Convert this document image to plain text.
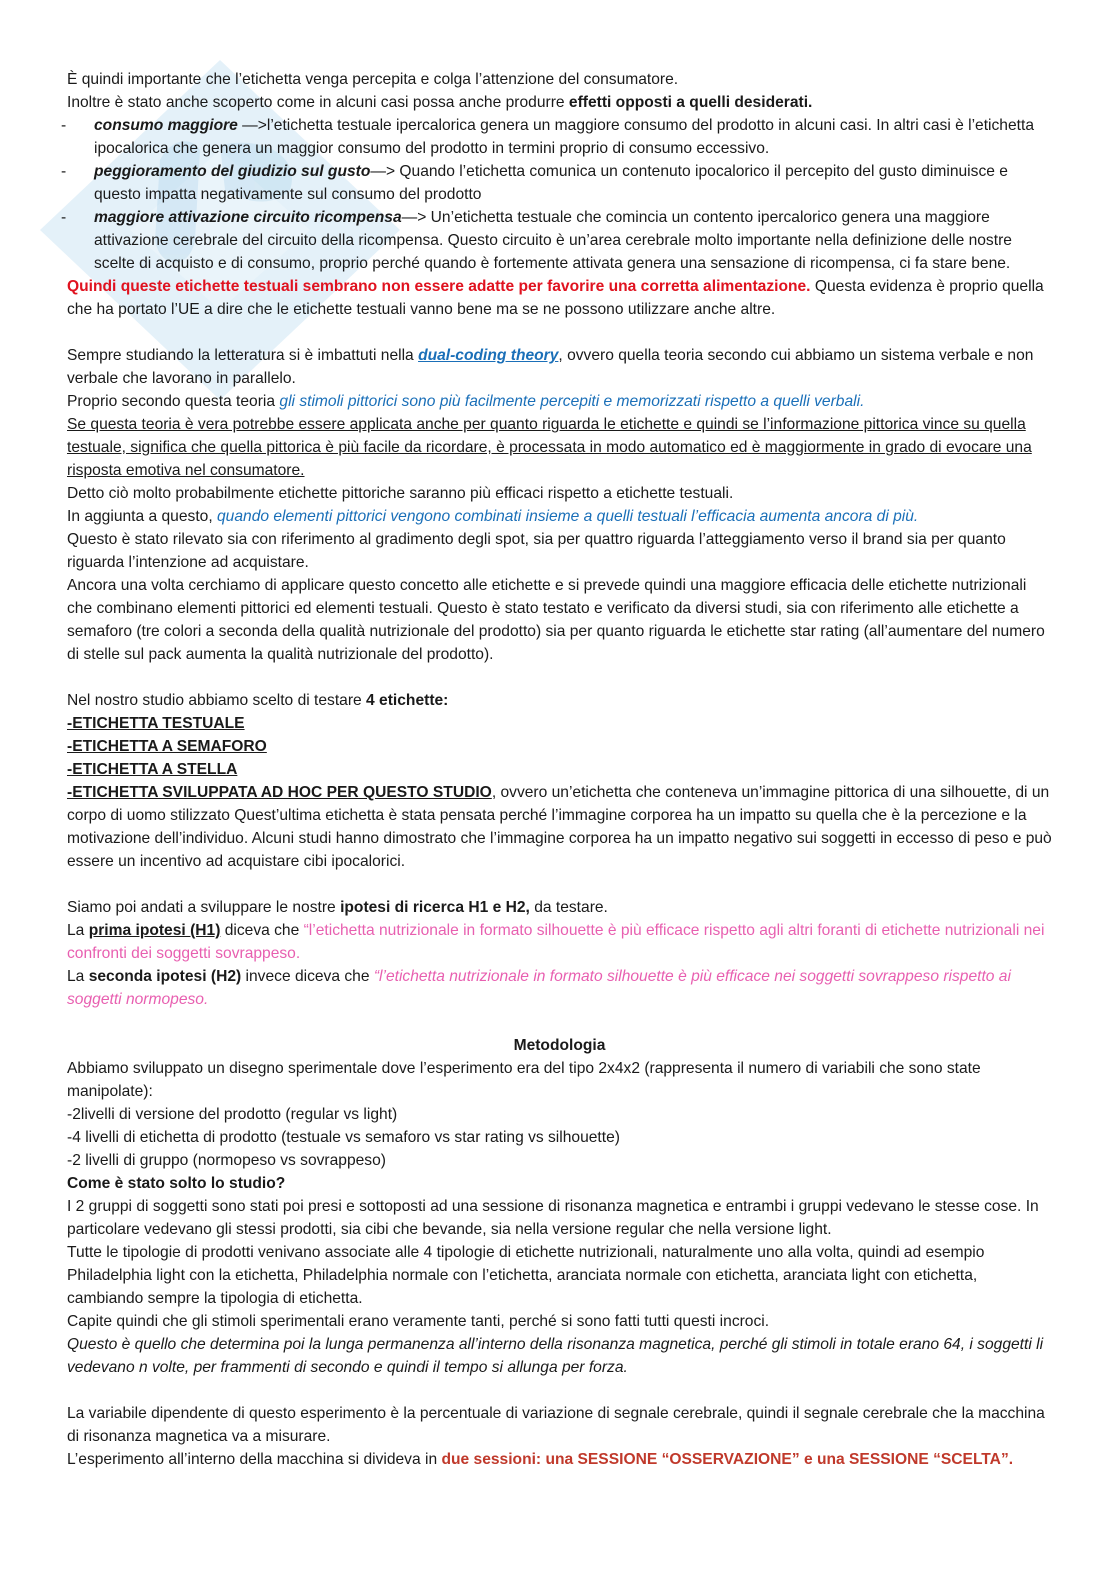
È quindi importante che l’etichetta venga percepita e colga l’attenzione del consumatore.

Inoltre è stato anche scoperto come in alcuni casi possa anche produrre effetti opposti a quelli desiderati.

- consumo maggiore —>l’etichetta testuale ipercalorica genera un maggiore consumo del prodotto in alcuni casi. In altri casi è l’etichetta ipocalorica che genera un maggior consumo del prodotto in termini proprio di consumo eccessivo.
- peggioramento del giudizio sul gusto—> Quando l’etichetta comunica un contenuto ipocalorico il percepito del gusto diminuisce e questo impatta negativamente sul consumo del prodotto
- maggiore attivazione circuito ricompensa—> Un’etichetta testuale che comincia un contento ipercalorico genera una maggiore attivazione cerebrale del circuito della ricompensa. Questo circuito è un’area cerebrale molto importante nella definizione delle nostre scelte di acquisto e di consumo, proprio perché quando è fortemente attivata genera una sensazione di ricompensa, ci fa stare bene.

Quindi queste etichette testuali sembrano non essere adatte per favorire una corretta alimentazione. Questa evidenza è proprio quella che ha portato l’UE a dire che le etichette testuali vanno bene ma se ne possono utilizzare anche altre.

Sempre studiando la letteratura si è imbattuti nella dual-coding theory, ovvero quella teoria secondo cui abbiamo un sistema verbale e non verbale che lavorano in parallelo.

Proprio secondo questa teoria gli stimoli pittorici sono più facilmente percepiti e memorizzati rispetto a quelli verbali.

Se questa teoria è vera potrebbe essere applicata anche per quanto riguarda le etichette e quindi se l’informazione pittorica vince su quella testuale, significa che quella pittorica è più facile da ricordare, è processata in modo automatico ed è maggiormente in grado di evocare una risposta emotiva nel consumatore.

Detto ciò molto probabilmente etichette pittoriche saranno più efficaci rispetto a etichette testuali.

In aggiunta a questo, quando elementi pittorici vengono combinati insieme a quelli testuali l’efficacia aumenta ancora di più.

Questo è stato rilevato sia con riferimento al gradimento degli spot, sia per quattro riguarda l’atteggiamento verso il brand sia per quanto riguarda l’intenzione ad acquistare.

Ancora una volta cerchiamo di applicare questo concetto alle etichette e si prevede quindi una maggiore efficacia delle etichette nutrizionali che combinano elementi pittorici ed elementi testuali. Questo è stato testato e verificato da diversi studi, sia con riferimento alle etichette a semaforo (tre colori a seconda della qualità nutrizionale del prodotto) sia per quanto riguarda le etichette star rating (all’aumentare del numero di stelle sul pack aumenta la qualità nutrizionale del prodotto).

Nel nostro studio abbiamo scelto di testare 4 etichette:

-ETICHETTA TESTUALE

-ETICHETTA A SEMAFORO

-ETICHETTA A STELLA

-ETICHETTA SVILUPPATA AD HOC PER QUESTO STUDIO, ovvero un’etichetta che conteneva un’immagine pittorica di una silhouette, di un corpo di uomo stilizzato Quest’ultima etichetta è stata pensata perché l’immagine corporea ha un impatto su quella che è la percezione e la motivazione dell’individuo. Alcuni studi hanno dimostrato che l’immagine corporea ha un impatto negativo sui soggetti in eccesso di peso e può essere un incentivo ad acquistare cibi ipocalorici.

Siamo poi andati a sviluppare le nostre ipotesi di ricerca H1 e H2, da testare.

La prima ipotesi (H1) diceva che “l’etichetta nutrizionale in formato silhouette è più efficace rispetto agli altri foranti di etichette nutrizionali nei confronti dei soggetti sovrappeso.

La seconda ipotesi (H2) invece diceva che “l’etichetta nutrizionale in formato silhouette è più efficace nei soggetti sovrappeso rispetto ai soggetti normopeso.

Metodologia

Abbiamo sviluppato un disegno sperimentale dove l’esperimento era del tipo 2x4x2 (rappresenta il numero di variabili che sono state manipolate):

-2livelli di versione del prodotto (regular vs light)

-4 livelli di etichetta di prodotto (testuale vs semaforo vs star rating vs silhouette)

-2 livelli di gruppo (normopeso vs sovrappeso)

Come è stato solto lo studio?

I 2 gruppi di soggetti sono stati poi presi e sottoposti ad una sessione di risonanza magnetica e entrambi i gruppi vedevano le stesse cose. In particolare vedevano gli stessi prodotti, sia cibi che bevande, sia nella versione regular che nella versione light.

Tutte le tipologie di prodotti venivano associate alle 4 tipologie di etichette nutrizionali, naturalmente uno alla volta, quindi ad esempio Philadelphia light con la etichetta, Philadelphia normale con l’etichetta, aranciata normale con etichetta, aranciata light con etichetta, cambiando sempre la tipologia di etichetta.

Capite quindi che gli stimoli sperimentali erano veramente tanti, perché si sono fatti tutti questi incroci.

Questo è quello che determina poi la lunga permanenza all’interno della risonanza magnetica, perché gli stimoli in totale erano 64, i soggetti li vedevano n volte, per frammenti di secondo e quindi il tempo si allunga per forza.

La variabile dipendente di questo esperimento è la percentuale di variazione di segnale cerebrale, quindi il segnale cerebrale che la macchina di risonanza magnetica va a misurare.

L’esperimento all’interno della macchina si divideva in due sessioni: una SESSIONE “OSSERVAZIONE” e una SESSIONE “SCELTA”.
